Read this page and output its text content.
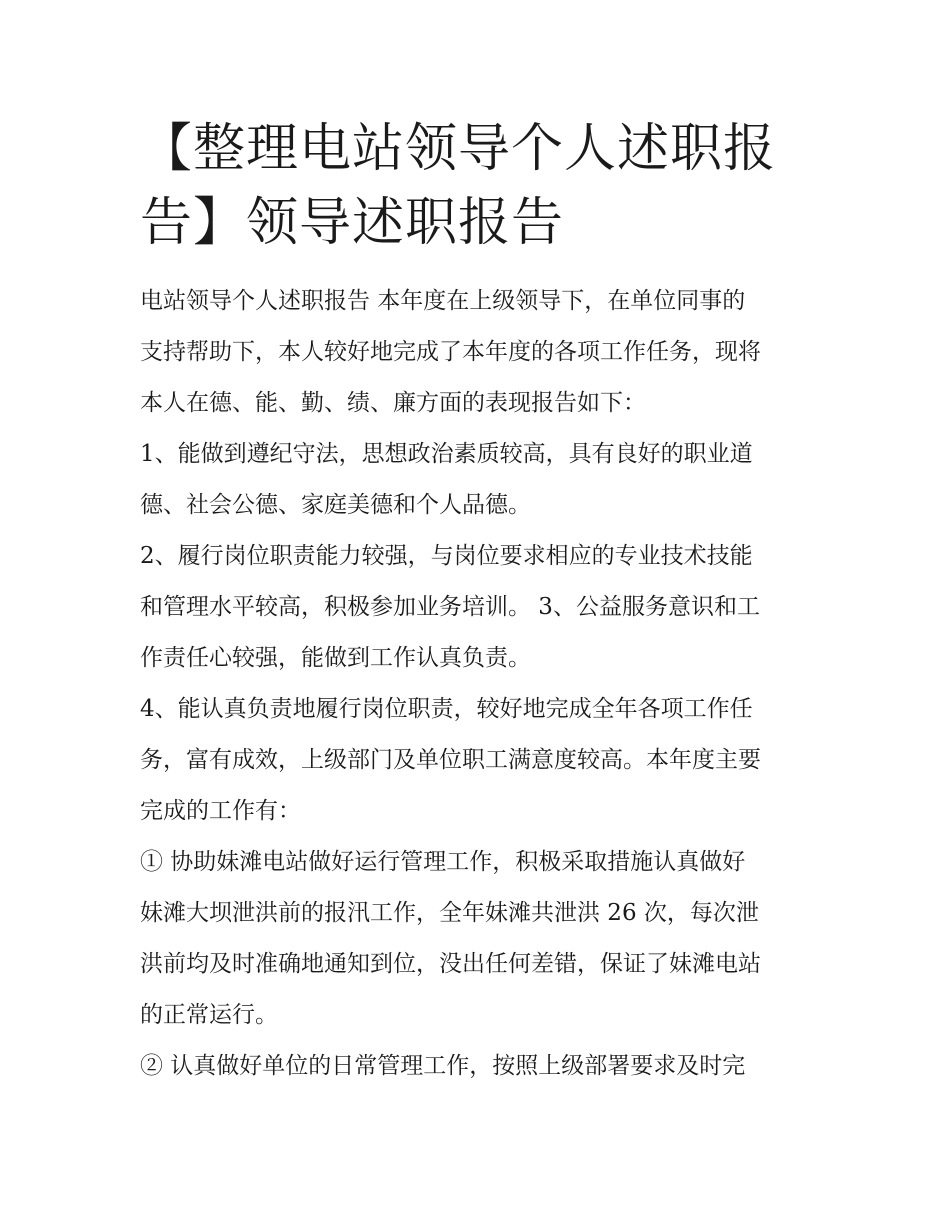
【整理电站领导个人述职报
告】领导述职报告
电站领导个人述职报告 本年度在上级领导下，在单位同事的
支持帮助下，本人较好地完成了本年度的各项工作任务，现将
本人在德、能、勤、绩、廉方面的表现报告如下：
1、能做到遵纪守法，思想政治素质较高，具有良好的职业道
德、社会公德、家庭美德和个人品德。
2、履行岗位职责能力较强，与岗位要求相应的专业技术技能
和管理水平较高，积极参加业务培训。 3、公益服务意识和工
作责任心较强，能做到工作认真负责。
4、能认真负责地履行岗位职责，较好地完成全年各项工作任
务，富有成效，上级部门及单位职工满意度较高。本年度主要
完成的工作有：
① 协助妹滩电站做好运行管理工作，积极采取措施认真做好
妹滩大坝泄洪前的报汛工作，全年妹滩共泄洪 26 次，每次泄
洪前均及时准确地通知到位，没出任何差错，保证了妹滩电站
的正常运行。
② 认真做好单位的日常管理工作，按照上级部署要求及时完
